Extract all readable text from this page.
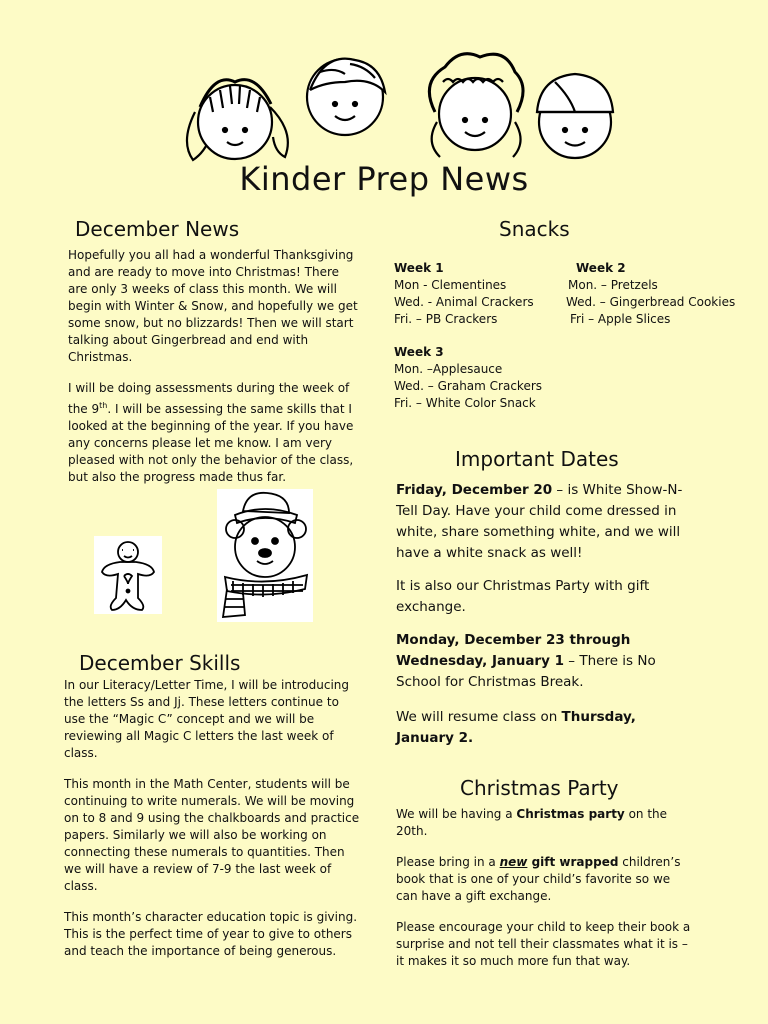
Kinder Prep News
December News

Hopefully you all had a wonderful Thanksgiving and are ready to move into Christmas! There are only 3 weeks of class this month. We will begin with Winter & Snow, and hopefully we get some snow, but no blizzards! Then we will start talking about Gingerbread and end with Christmas.

I will be doing assessments during the week of the 9th. I will be assessing the same skills that I looked at the beginning of the year. If you have any concerns please let me know. I am very pleased with not only the behavior of the class, but also the progress made thus far.

December Skills

In our Literacy/Letter Time, I will be introducing the letters Ss and Jj. These letters continue to use the “Magic C” concept and we will be reviewing all Magic C letters the last week of class.

This month in the Math Center, students will be continuing to write numerals. We will be moving on to 8 and 9 using the chalkboards and practice papers. Similarly we will also be working on connecting these numerals to quantities. Then we will have a review of 7-9 the last week of class.

This month’s character education topic is giving. This is the perfect time of year to give to others and teach the importance of being generous.

Snacks
Week 1
Mon - Clementines
Wed. - Animal Crackers
Fri. – PB Crackers
Week 2
Mon. – Pretzels
Wed. – Gingerbread Cookies
Fri – Apple Slices
Week 3
Mon. –Applesauce
Wed. – Graham Crackers
Fri. – White Color Snack
Important Dates

Friday, December 20 – is White Show-N-Tell Day. Have your child come dressed in white, share something white, and we will have a white snack as well!

It is also our Christmas Party with gift exchange.

Monday, December 23 through Wednesday, January 1 – There is No School for Christmas Break.

We will resume class on Thursday, January 2.

Christmas Party

We will be having a Christmas party on the 20th.

Please bring in a new gift wrapped children’s book that is one of your child’s favorite so we can have a gift exchange.

Please encourage your child to keep their book a surprise and not tell their classmates what it is – it makes it so much more fun that way.
